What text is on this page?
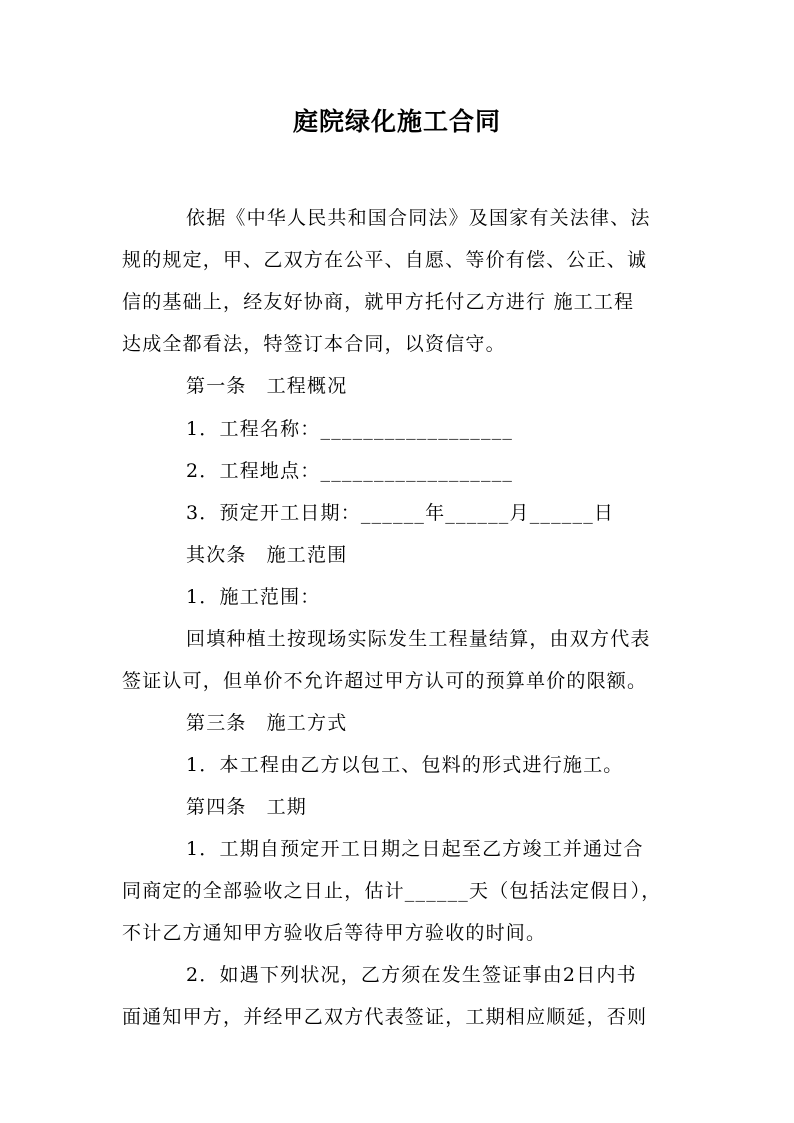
庭院绿化施工合同
依据《中华人民共和国合同法》及国家有关法律、法
规的规定，甲、乙双方在公平、自愿、等价有偿、公正、诚
信的基础上，经友好协商，就甲方托付乙方进行 施工工程
达成全都看法，特签订本合同，以资信守。
第一条 工程概况
1．工程名称：__________________
2．工程地点：__________________
3．预定开工日期：______年______月______日
其次条 施工范围
1．施工范围：
回填种植土按现场实际发生工程量结算，由双方代表
签证认可，但单价不允许超过甲方认可的预算单价的限额。
第三条 施工方式
1．本工程由乙方以包工、包料的形式进行施工。
第四条 工期
1．工期自预定开工日期之日起至乙方竣工并通过合
同商定的全部验收之日止，估计______天（包括法定假日），
不计乙方通知甲方验收后等待甲方验收的时间。
2．如遇下列状况，乙方须在发生签证事由2日内书
面通知甲方，并经甲乙双方代表签证，工期相应顺延，否则
